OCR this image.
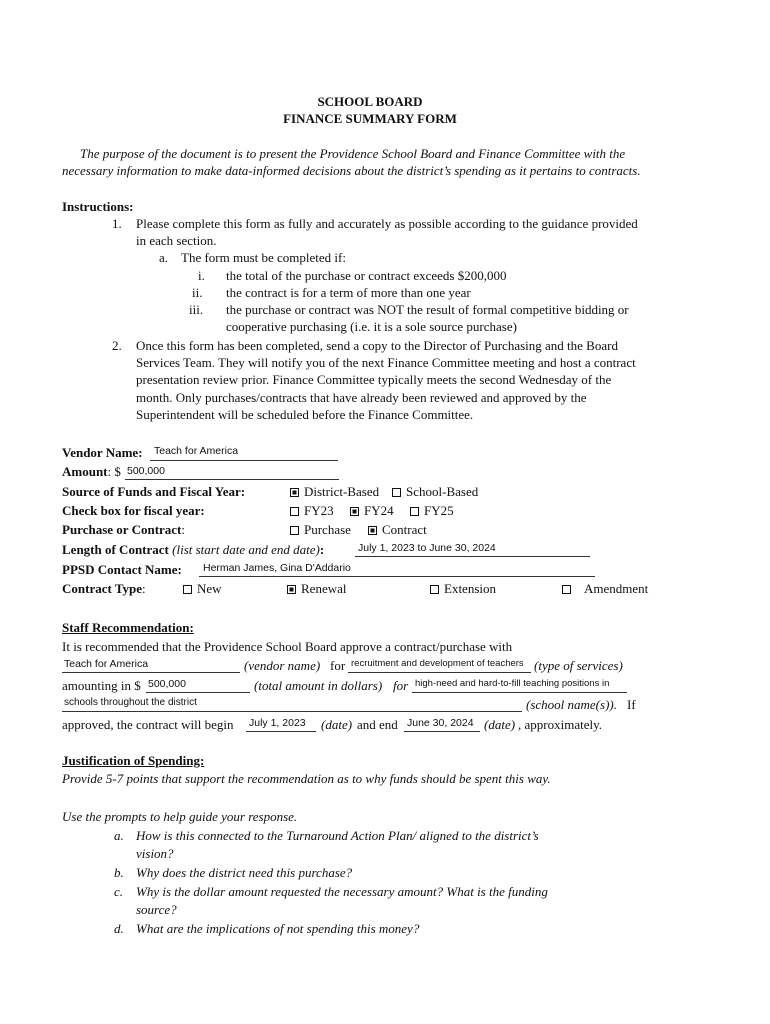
SCHOOL BOARD
FINANCE SUMMARY FORM
The purpose of the document is to present the Providence School Board and Finance Committee with the
necessary information to make data-informed decisions about the district’s spending as it pertains to contracts.
Instructions:
1. Please complete this form as fully and accurately as possible according to the guidance provided
in each section.
a. The form must be completed if:
i. the total of the purchase or contract exceeds $200,000
ii. the contract is for a term of more than one year
iii. the purchase or contract was NOT the result of formal competitive bidding or
cooperative purchasing (i.e. it is a sole source purchase)
2. Once this form has been completed, send a copy to the Director of Purchasing and the Board
Services Team. They will notify you of the next Finance Committee meeting and host a contract
presentation review prior. Finance Committee typically meets the second Wednesday of the
month. Only purchases/contracts that have already been reviewed and approved by the
Superintendent will be scheduled before the Finance Committee.
Vendor Name: Teach for America
Amount: $ 500,000
Source of Funds and Fiscal Year:	District-Based	School-Based
Check box for fiscal year:	FY23	FY24	FY25
Purchase or Contract:	Purchase	Contract
Length of Contract (list start date and end date):	July 1, 2023 to June 30, 2024
PPSD Contact Name: Herman James, Gina D'Addario
Contract Type:	New	Renewal	Extension	Amendment
Staff Recommendation:
It is recommended that the Providence School Board approve a contract/purchase with
Teach for America	(vendor name) for recruitment and development of teachers (type of services)
amounting in $ 500,000	(total amount in dollars) for high-need and hard-to-fill teaching positions in
schools throughout the district	(school name(s)). If
approved, the contract will begin July 1, 2023 (date) and end June 30, 2024 (date) , approximately.
Justification of Spending:
Provide 5-7 points that support the recommendation as to why funds should be spent this way.
Use the prompts to help guide your response.
a. How is this connected to the Turnaround Action Plan/ aligned to the district’s
vision?
b. Why does the district need this purchase?
c. Why is the dollar amount requested the necessary amount? What is the funding
source?
d. What are the implications of not spending this money?
